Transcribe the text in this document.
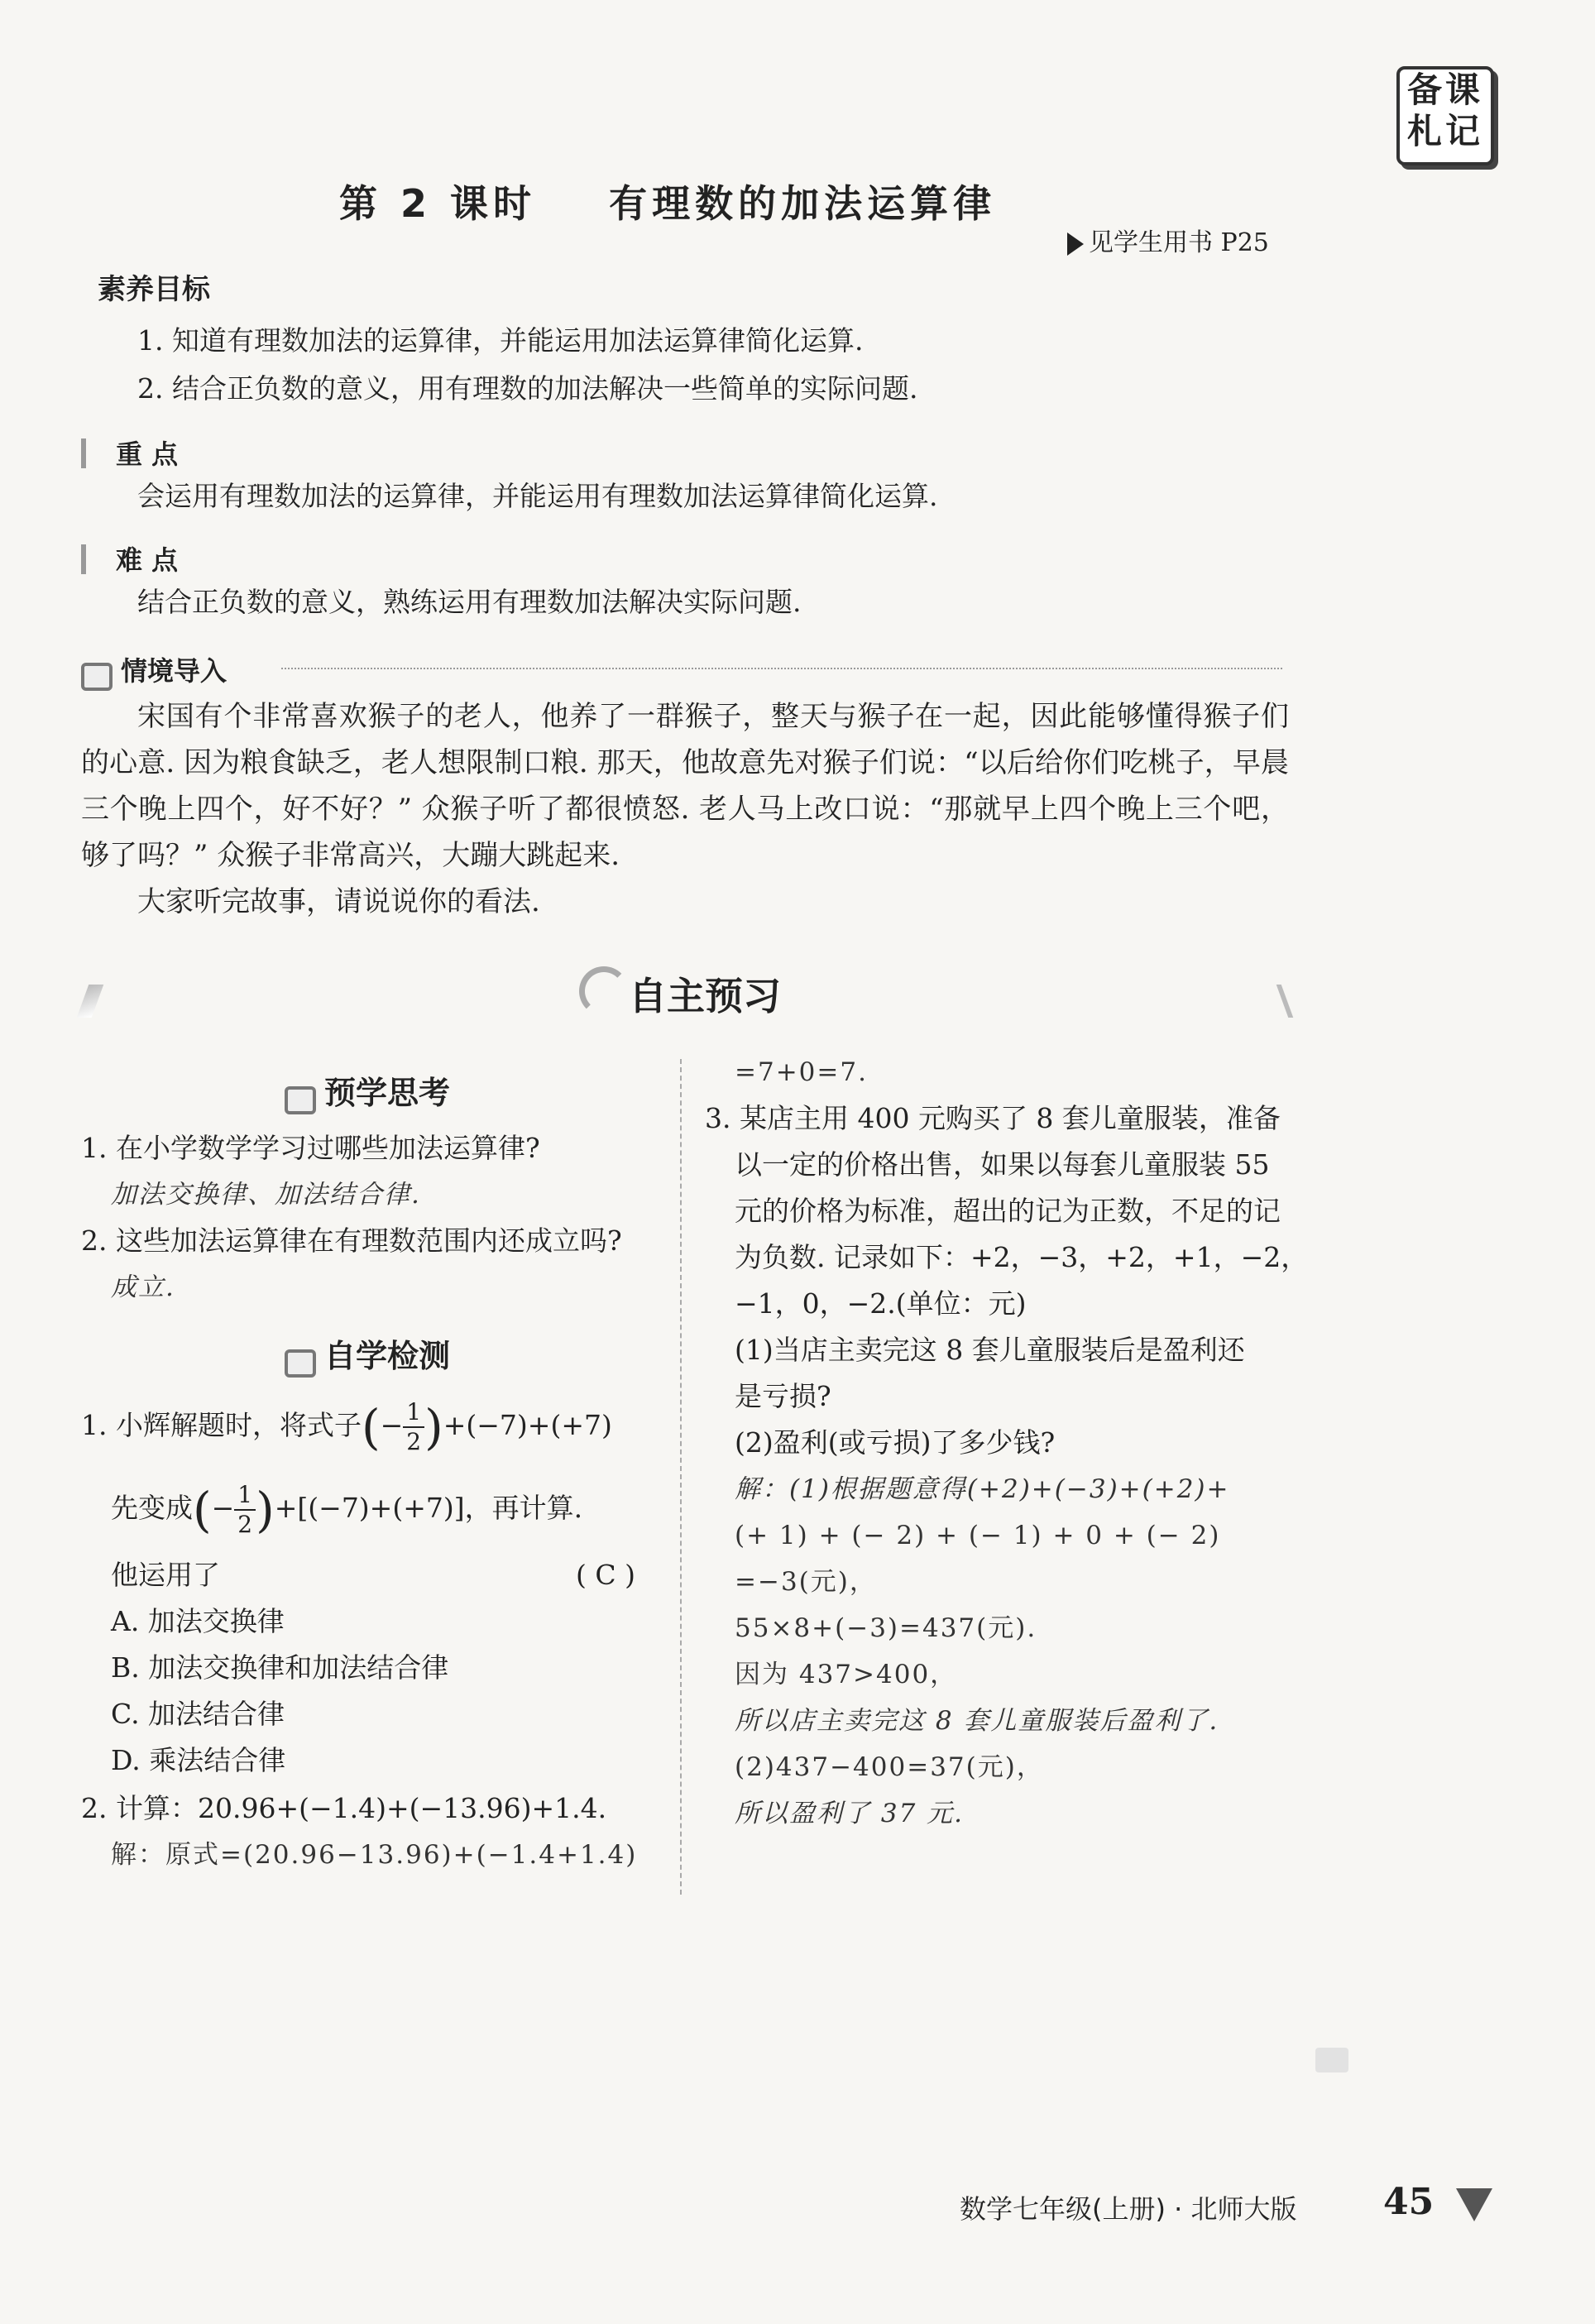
备课
札记
第 2 课时    有理数的加法运算律
见学生用书 P25
素养目标
1. 知道有理数加法的运算律，并能运用加法运算律简化运算.
2. 结合正负数的意义，用有理数的加法解决一些简单的实际问题.
重 点
会运用有理数加法的运算律，并能运用有理数加法运算律简化运算.
难 点
结合正负数的意义，熟练运用有理数加法解决实际问题.
情境导入

宋国有个非常喜欢猴子的老人，他养了一群猴子，整天与猴子在一起，因此能够懂得猴子们的心意. 因为粮食缺乏，老人想限制口粮. 那天，他故意先对猴子们说：“以后给你们吃桃子，早晨三个晚上四个，好不好？” 众猴子听了都很愤怒. 老人马上改口说：“那就早上四个晚上三个吧，够了吗？” 众猴子非常高兴，大蹦大跳起来.

大家听完故事，请说说你的看法.

自主预习
预学思考
1. 在小学数学学习过哪些加法运算律?
加法交换律、加法结合律.
2. 这些加法运算律在有理数范围内还成立吗?
成立.
自学检测
1. 小辉解题时，将式子(− $\frac{1}{2} )+(-7)+(+7)$
先变成(− $\frac{1}{2} )+[(-7)+(+7)]$，再计算.
他运用了	( C )
A. 加法交换律
B. 加法交换律和加法结合律
C. 加法结合律
D. 乘法结合律
2. 计算：20.96+(−1.4)+(−13.96)+1.4.
解：原式=(20.96−13.96)+(−1.4+1.4)
=7+0=7.
3. 某店主用 400 元购买了 8 套儿童服装，准备
以一定的价格出售，如果以每套儿童服装 55
元的价格为标准，超出的记为正数，不足的记
为负数. 记录如下：+2，−3，+2，+1，−2，
−1，0，−2.(单位：元)
(1)当店主卖完这 8 套儿童服装后是盈利还
是亏损?
(2)盈利(或亏损)了多少钱?
解：(1)根据题意得(+2)+(−3)+(+2)+
(+ 1) + (− 2) + (− 1) + 0 + (− 2)
=−3(元)，
55×8+(−3)=437(元).
因为 437>400，
所以店主卖完这 8 套儿童服装后盈利了.
(2)437−400=37(元)，
所以盈利了 37 元.
数学七年级(上册) · 北师大版 45
